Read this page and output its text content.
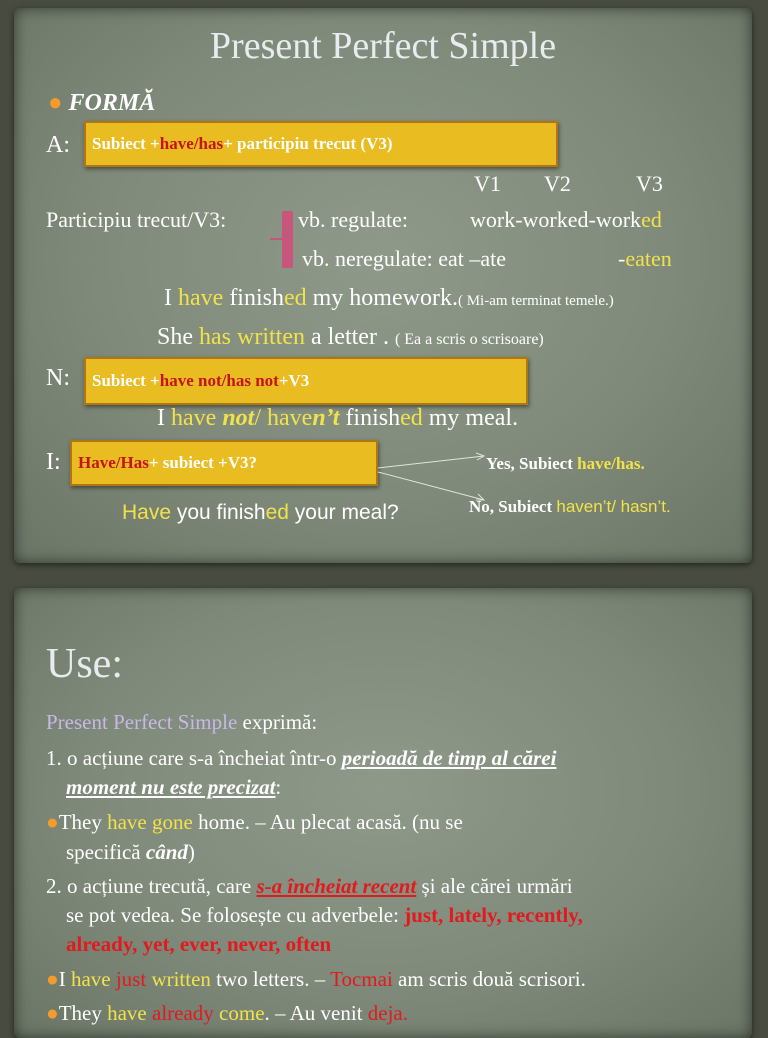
Present Perfect Simple
● FORMĂ
A: Subiect + have/has + participiu trecut (V3)
V1 V2	V3
Participiu trecut/V3:	vb. regulate:	work-worked-worked
vb. neregulate: eat –ate	-eaten
I have finished my homework.( Mi-am terminat temele.)
She has written a letter . ( Ea a scris o scrisoare)
N: Subiect + have not/has not +V3
I have not/ haven’t finished my meal.
I: Have/Has + subiect +V3?	Yes, Subiect have/has.
No, Subiect haven’t/ hasn’t.
Have you finished your meal?
Use:
Present Perfect Simple exprimă:
1. o acțiune care s-a încheiat într-o perioadă de timp al cărei
moment nu este precizat:
●They have gone home. – Au plecat acasă. (nu se
specifică când)
2. o acțiune trecută, care s-a încheiat recent și ale cărei urmări
se pot vedea. Se folosește cu adverbele: just, lately, recently,
already, yet, ever, never, often
●I have just written two letters. – Tocmai am scris două scrisori.
●They have already come. – Au venit deja.
